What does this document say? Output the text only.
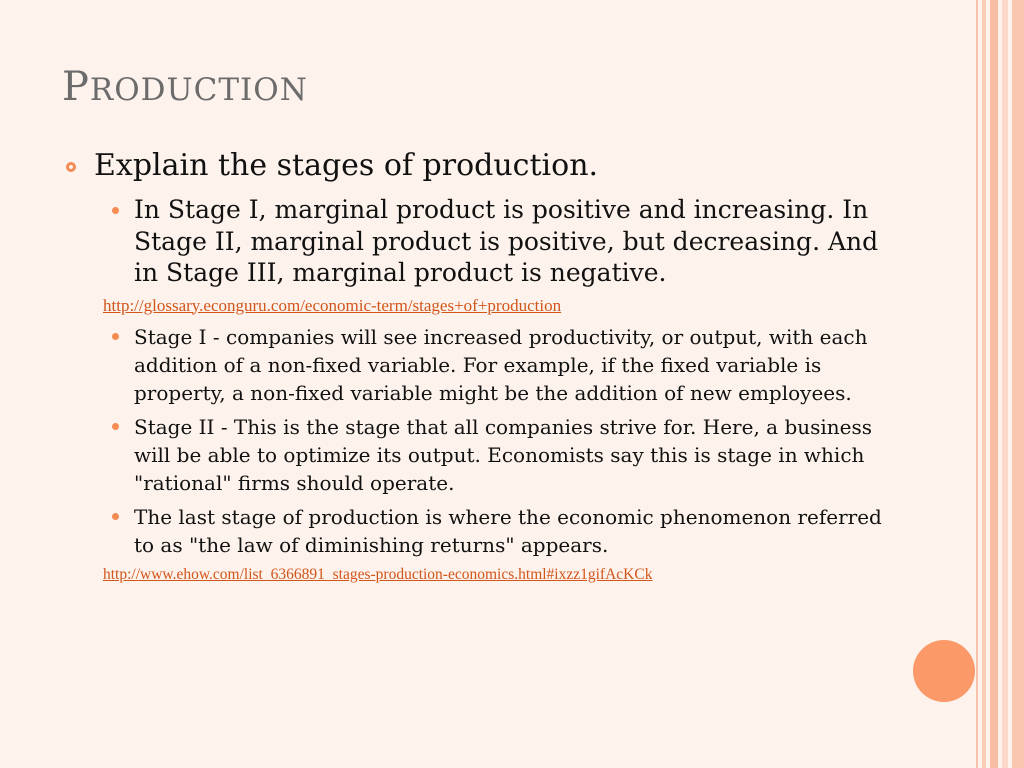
PRODUCTION
Explain the stages of production.
In Stage I, marginal product is positive and increasing. In Stage II, marginal product is positive, but decreasing. And in Stage III, marginal product is negative.
http://glossary.econguru.com/economic-term/stages+of+production
Stage I - companies will see increased productivity, or output, with each addition of a non-fixed variable. For example, if the fixed variable is property, a non-fixed variable might be the addition of new employees.
Stage II - This is the stage that all companies strive for. Here, a business will be able to optimize its output. Economists say this is stage in which "rational" firms should operate.
The last stage of production is where the economic phenomenon referred to as "the law of diminishing returns" appears.
http://www.ehow.com/list_6366891_stages-production-economics.html#ixzz1gifAcKCk
